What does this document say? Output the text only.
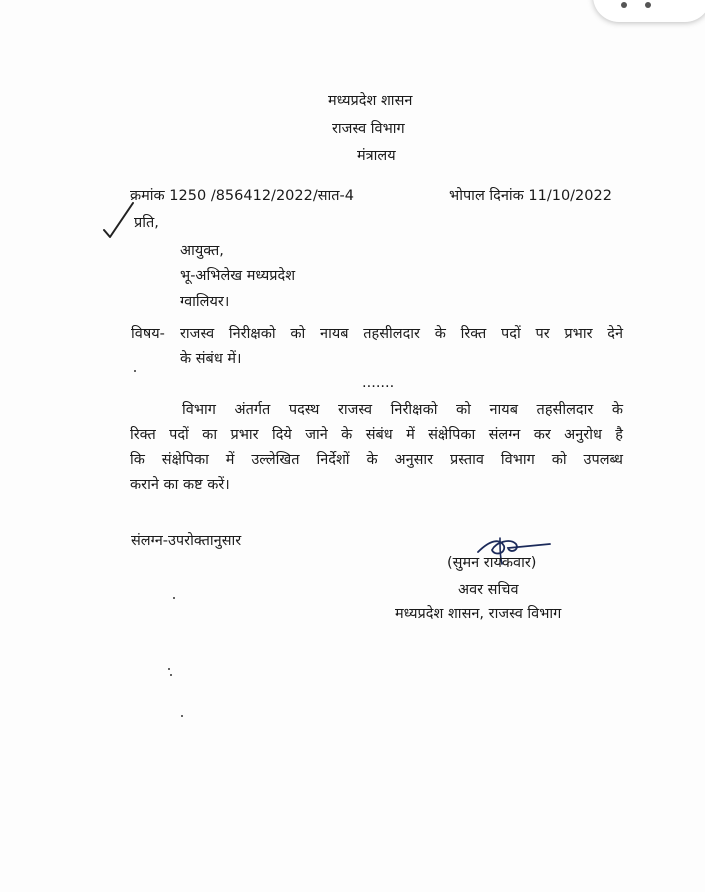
मध्यप्रदेश शासन
राजस्व विभाग
मंत्रालय
क्रमांक 1250 /856412/2022/सात-4	भोपाल दिनांक 11/10/2022
प्रति,
आयुक्त,
भू-अभिलेख मध्यप्रदेश
ग्वालियर।
विषय- राजस्व निरीक्षको को नायब तहसीलदार के रिक्त पदों पर प्रभार देने
के संबंध में।
.......
विभाग अंतर्गत पदस्थ राजस्व निरीक्षको को नायब तहसीलदार के
रिक्त पदों का प्रभार दिये जाने के संबंध में संक्षेपिका संलग्न कर अनुरोध है
कि संक्षेपिका में उल्लेखित निर्देशों के अनुसार प्रस्ताव विभाग को उपलब्ध
कराने का कष्ट करें।
संलग्न-उपरोक्तानुसार
(सुमन रायकवार)
अवर सचिव
मध्यप्रदेश शासन, राजस्व विभाग
